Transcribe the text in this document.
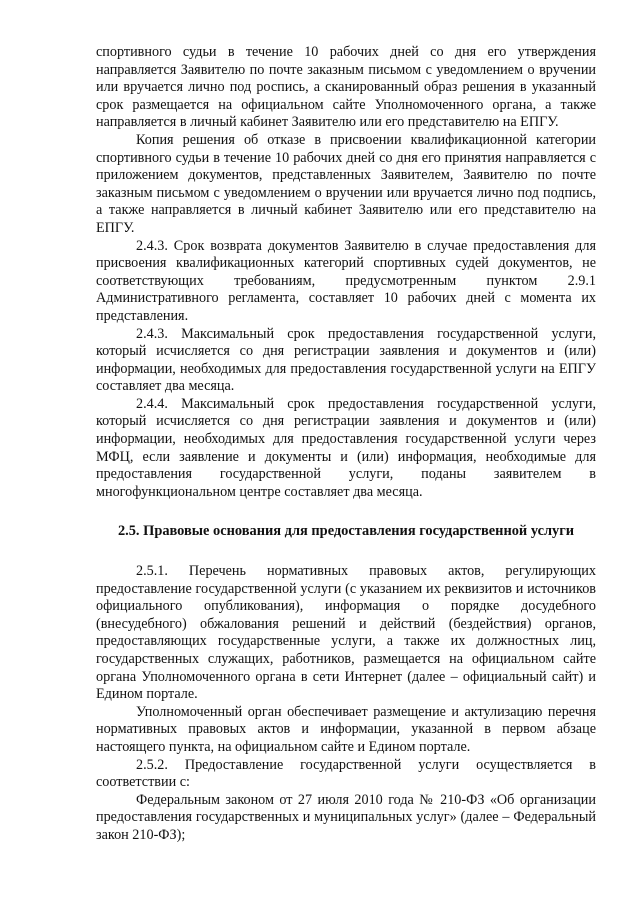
спортивного судьи в течение 10 рабочих дней со дня его утверждения направляется Заявителю по почте заказным письмом с уведомлением о вручении или вручается лично под роспись, а сканированный образ решения в указанный срок размещается на официальном сайте Уполномоченного органа, а также направляется в личный кабинет Заявителю или его представителю на ЕПГУ.

Копия решения об отказе в присвоении квалификационной категории спортивного судьи в течение 10 рабочих дней со дня его принятия направляется с приложением документов, представленных Заявителем, Заявителю по почте заказным письмом с уведомлением о вручении или вручается лично под подпись, а также направляется в личный кабинет Заявителю или его представителю на ЕПГУ.

2.4.3. Срок возврата документов Заявителю в случае предоставления для присвоения квалификационных категорий спортивных судей документов, не соответствующих требованиям, предусмотренным пунктом 2.9.1 Административного регламента, составляет 10 рабочих дней с момента их представления.

2.4.3. Максимальный срок предоставления государственной услуги, который исчисляется со дня регистрации заявления и документов и (или) информации, необходимых для предоставления государственной услуги на ЕПГУ составляет два месяца.

2.4.4. Максимальный срок предоставления государственной услуги, который исчисляется со дня регистрации заявления и документов и (или) информации, необходимых для предоставления государственной услуги через МФЦ, если заявление и документы и (или) информация, необходимые для предоставления государственной услуги, поданы заявителем в многофункциональном центре составляет два месяца.

2.5. Правовые основания для предоставления государственной услуги

2.5.1. Перечень нормативных правовых актов, регулирующих предоставление государственной услуги (с указанием их реквизитов и источников официального опубликования), информация о порядке досудебного (внесудебного) обжалования решений и действий (бездействия) органов, предоставляющих государственные услуги, а также их должностных лиц, государственных служащих, работников, размещается на официальном сайте органа Уполномоченного органа в сети Интернет (далее – официальный сайт) и Едином портале.

Уполномоченный орган обеспечивает размещение и актулизацию перечня нормативных правовых актов и информации, указанной в первом абзаце настоящего пункта, на официальном сайте и Едином портале.

2.5.2. Предоставление государственной услуги осуществляется в соответствии с:

Федеральным законом от 27 июля 2010 года № 210-ФЗ «Об организации предоставления государственных и муниципальных услуг» (далее – Федеральный закон 210-ФЗ);
